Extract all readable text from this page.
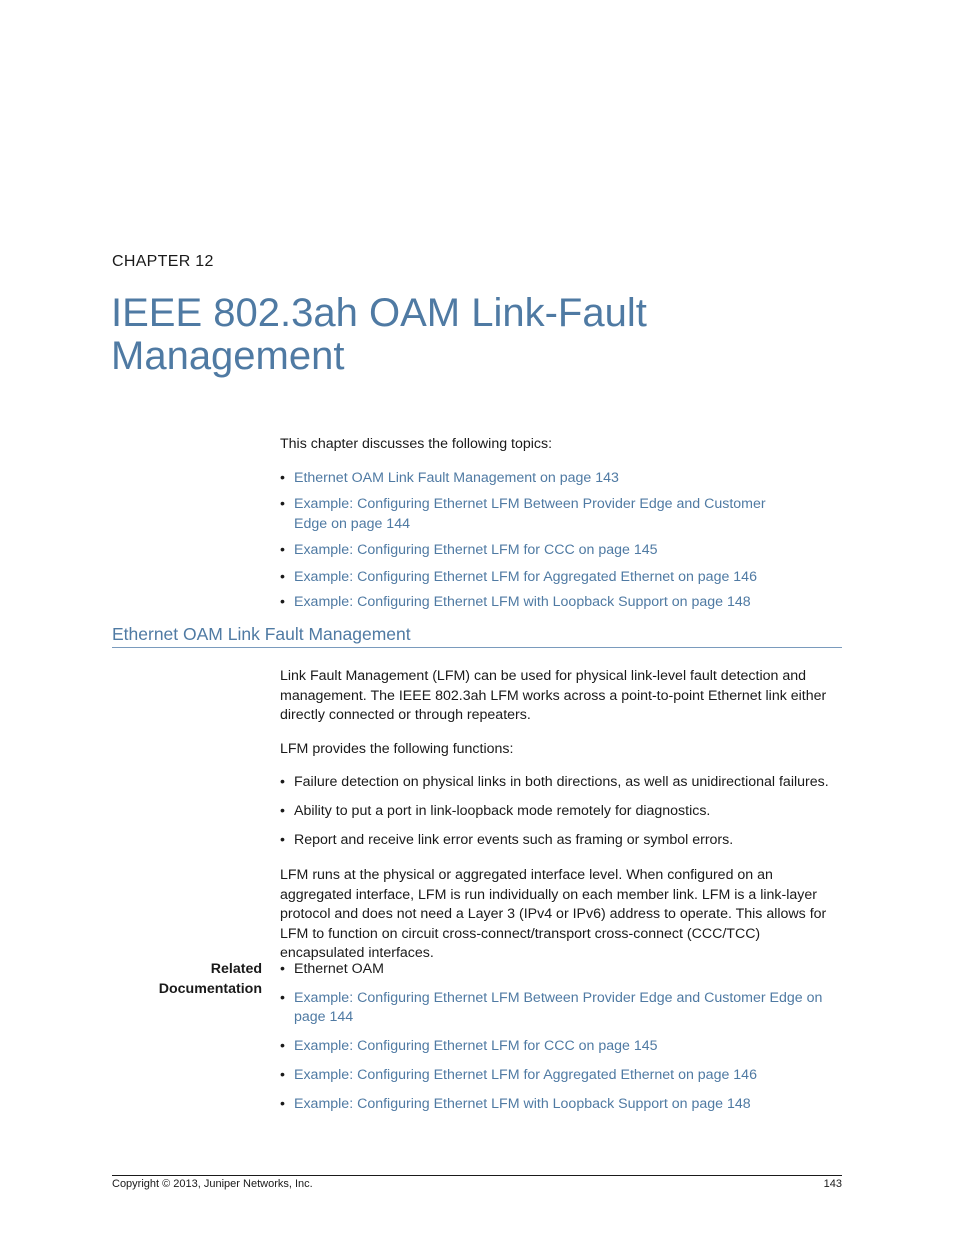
CHAPTER 12
IEEE 802.3ah OAM Link-Fault Management

This chapter discusses the following topics:

• Ethernet OAM Link Fault Management on page 143
• Example: Configuring Ethernet LFM Between Provider Edge and Customer Edge on page 144
• Example: Configuring Ethernet LFM for CCC on page 145
• Example: Configuring Ethernet LFM for Aggregated Ethernet on page 146
• Example: Configuring Ethernet LFM with Loopback Support on page 148
Ethernet OAM Link Fault Management

Link Fault Management (LFM) can be used for physical link-level fault detection and management. The IEEE 802.3ah LFM works across a point-to-point Ethernet link either directly connected or through repeaters.

LFM provides the following functions:

• Failure detection on physical links in both directions, as well as unidirectional failures.
• Ability to put a port in link-loopback mode remotely for diagnostics.
• Report and receive link error events such as framing or symbol errors.

LFM runs at the physical or aggregated interface level. When configured on an aggregated interface, LFM is run individually on each member link. LFM is a link-layer protocol and does not need a Layer 3 (IPv4 or IPv6) address to operate. This allows for LFM to function on circuit cross-connect/transport cross-connect (CCC/TCC) encapsulated interfaces.

Related
Documentation
• Ethernet OAM
• Example: Configuring Ethernet LFM Between Provider Edge and Customer Edge on page 144
• Example: Configuring Ethernet LFM for CCC on page 145
• Example: Configuring Ethernet LFM for Aggregated Ethernet on page 146
• Example: Configuring Ethernet LFM with Loopback Support on page 148
Copyright © 2013, Juniper Networks, Inc.	143
